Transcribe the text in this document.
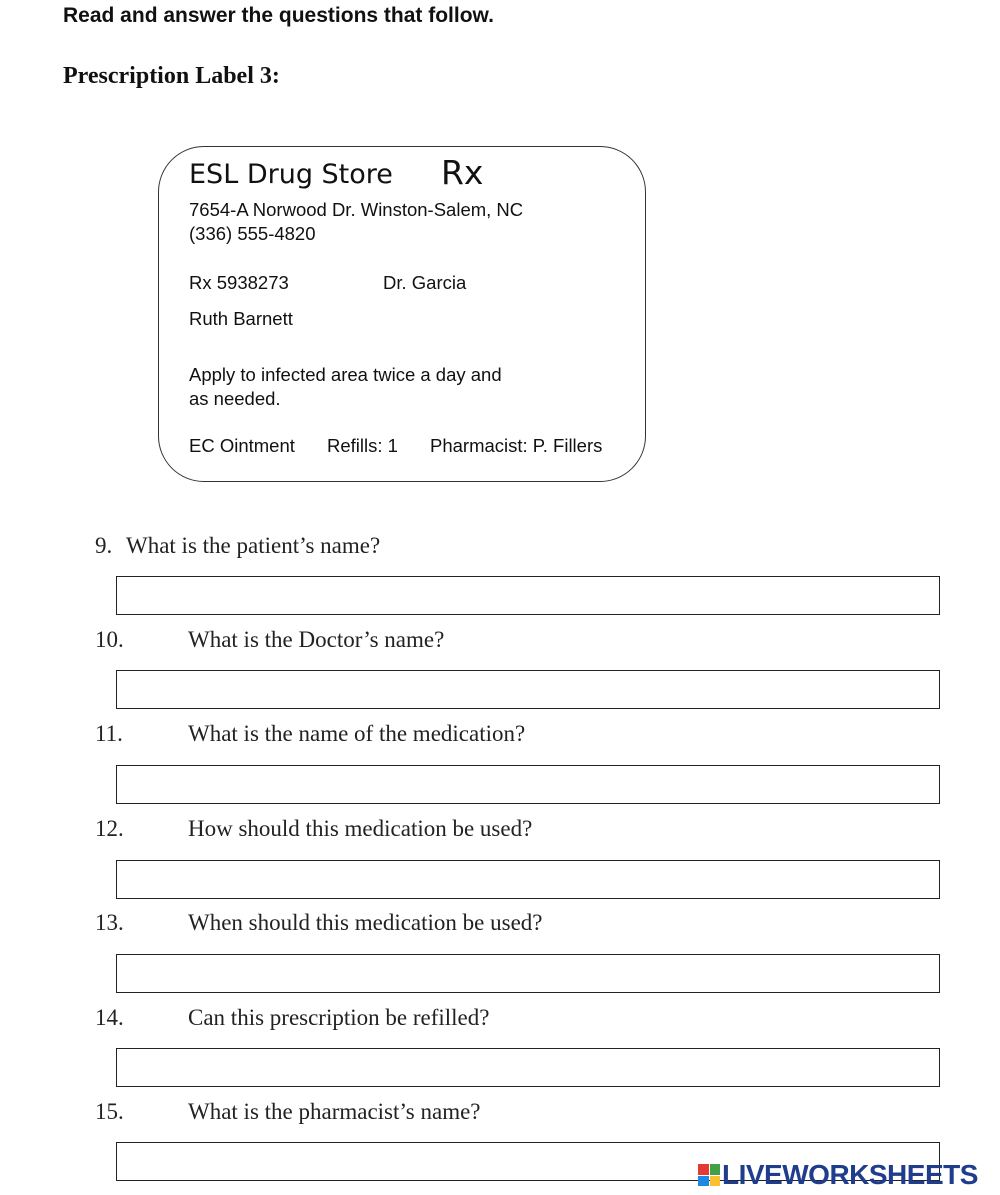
Read and answer the questions that follow.
Prescription Label 3:
ESL Drug Store Rx
7654-A Norwood Dr. Winston-Salem, NC
(336) 555-4820
Rx 5938273	Dr. Garcia
Ruth Barnett
Apply to infected area twice a day and
as needed.
EC Ointment Refills: 1 Pharmacist: P. Fillers
9. What is the patient’s name?
10.	What is the Doctor’s name?
11.	What is the name of the medication?
12.	How should this medication be used?
13.	When should this medication be used?
14.	Can this prescription be refilled?
15.	What is the pharmacist’s name?
LIVEWORKSHEETS
